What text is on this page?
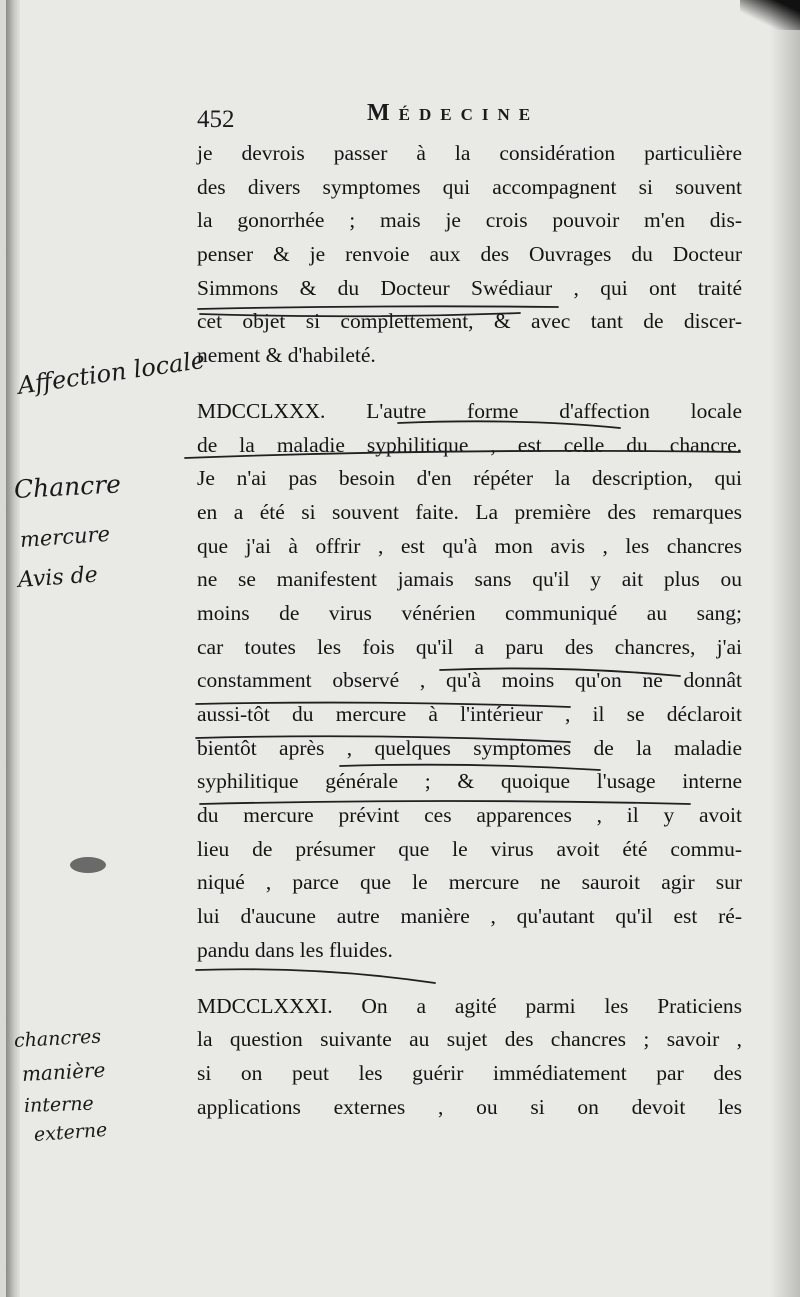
452	Médecine
je devrois passer à la considération particulière
des divers symptomes qui accompagnent si souvent
la gonorrhée ; mais je crois pouvoir m'en dis-
penser & je renvoie aux des Ouvrages du Docteur
Simmons & du Docteur Swédiaur , qui ont traité
cet objet si complettement, & avec tant de discer-
nement & d'habileté.
MDCCLXXX. L'autre forme d'affection locale
de la maladie syphilitique , est celle du chancre.
Je n'ai pas besoin d'en répéter la description, qui
en a été si souvent faite. La première des remarques
que j'ai à offrir , est qu'à mon avis , les chancres
ne se manifestent jamais sans qu'il y ait plus ou
moins de virus vénérien communiqué au sang;
car toutes les fois qu'il a paru des chancres, j'ai
constamment observé , qu'à moins qu'on ne donnât
aussi-tôt du mercure à l'intérieur , il se déclaroit
bientôt après , quelques symptomes de la maladie
syphilitique générale ; & quoique l'usage interne
du mercure prévint ces apparences , il y avoit
lieu de présumer que le virus avoit été commu-
niqué , parce que le mercure ne sauroit agir sur
lui d'aucune autre manière , qu'autant qu'il est ré-
pandu dans les fluides.
MDCCLXXXI. On a agité parmi les Praticiens
la question suivante au sujet des chancres ; savoir ,
si on peut les guérir immédiatement par des
applications externes , ou si on devoit les
Affection locale
Chancre
mercure
Avis de
chancres
manière
interne
externe
